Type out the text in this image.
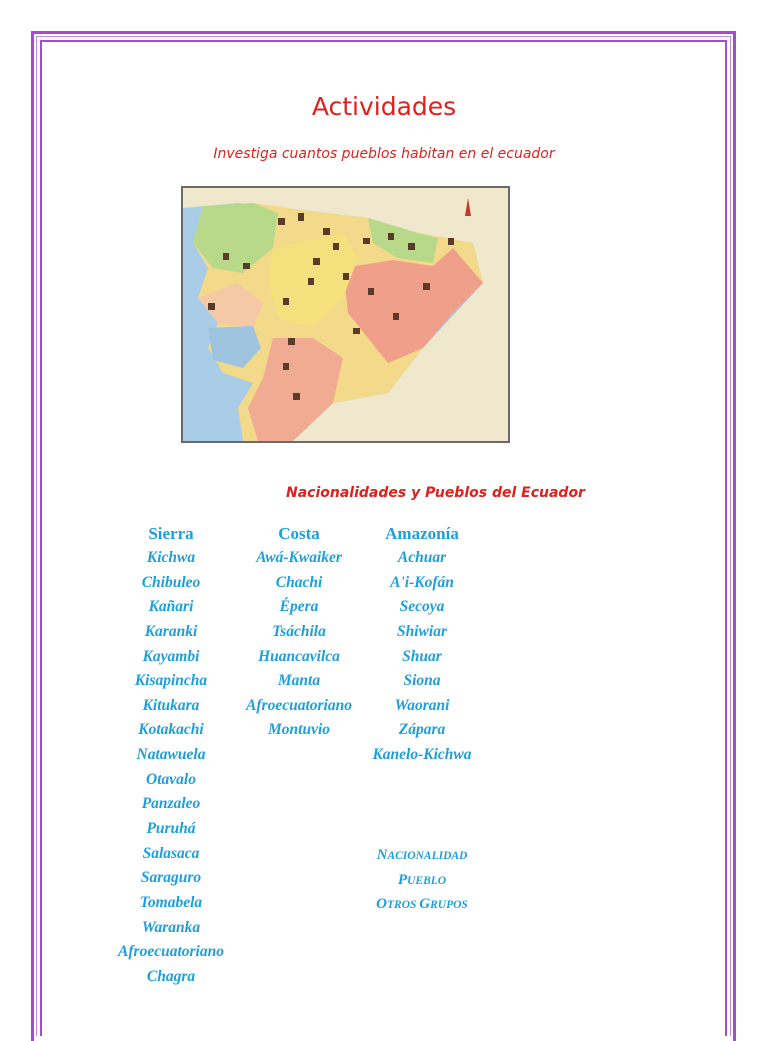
Actividades
Investiga cuantos pueblos habitan en el ecuador
Nacionalidades y Pueblos del Ecuador
Sierra
Kichwa
Chibuleo
Kañari
Karanki
Kayambi
Kisapincha
Kitukara
Kotakachi
Natawuela
Otavalo
Panzaleo
Puruhá
Salasaca
Saraguro
Tomabela
Waranka
Afroecuatoriano
Chagra
Costa
Awá-Kwaiker
Chachi
Épera
Tsáchila
Huancavilca
Manta
Afroecuatoriano
Montuvio
Amazonía
Achuar
A'i-Kofán
Secoya
Shiwiar
Shuar
Siona
Waorani
Zápara
Kanelo-Kichwa
NACIONALIDAD
PUEBLO
OTROS GRUPOS
